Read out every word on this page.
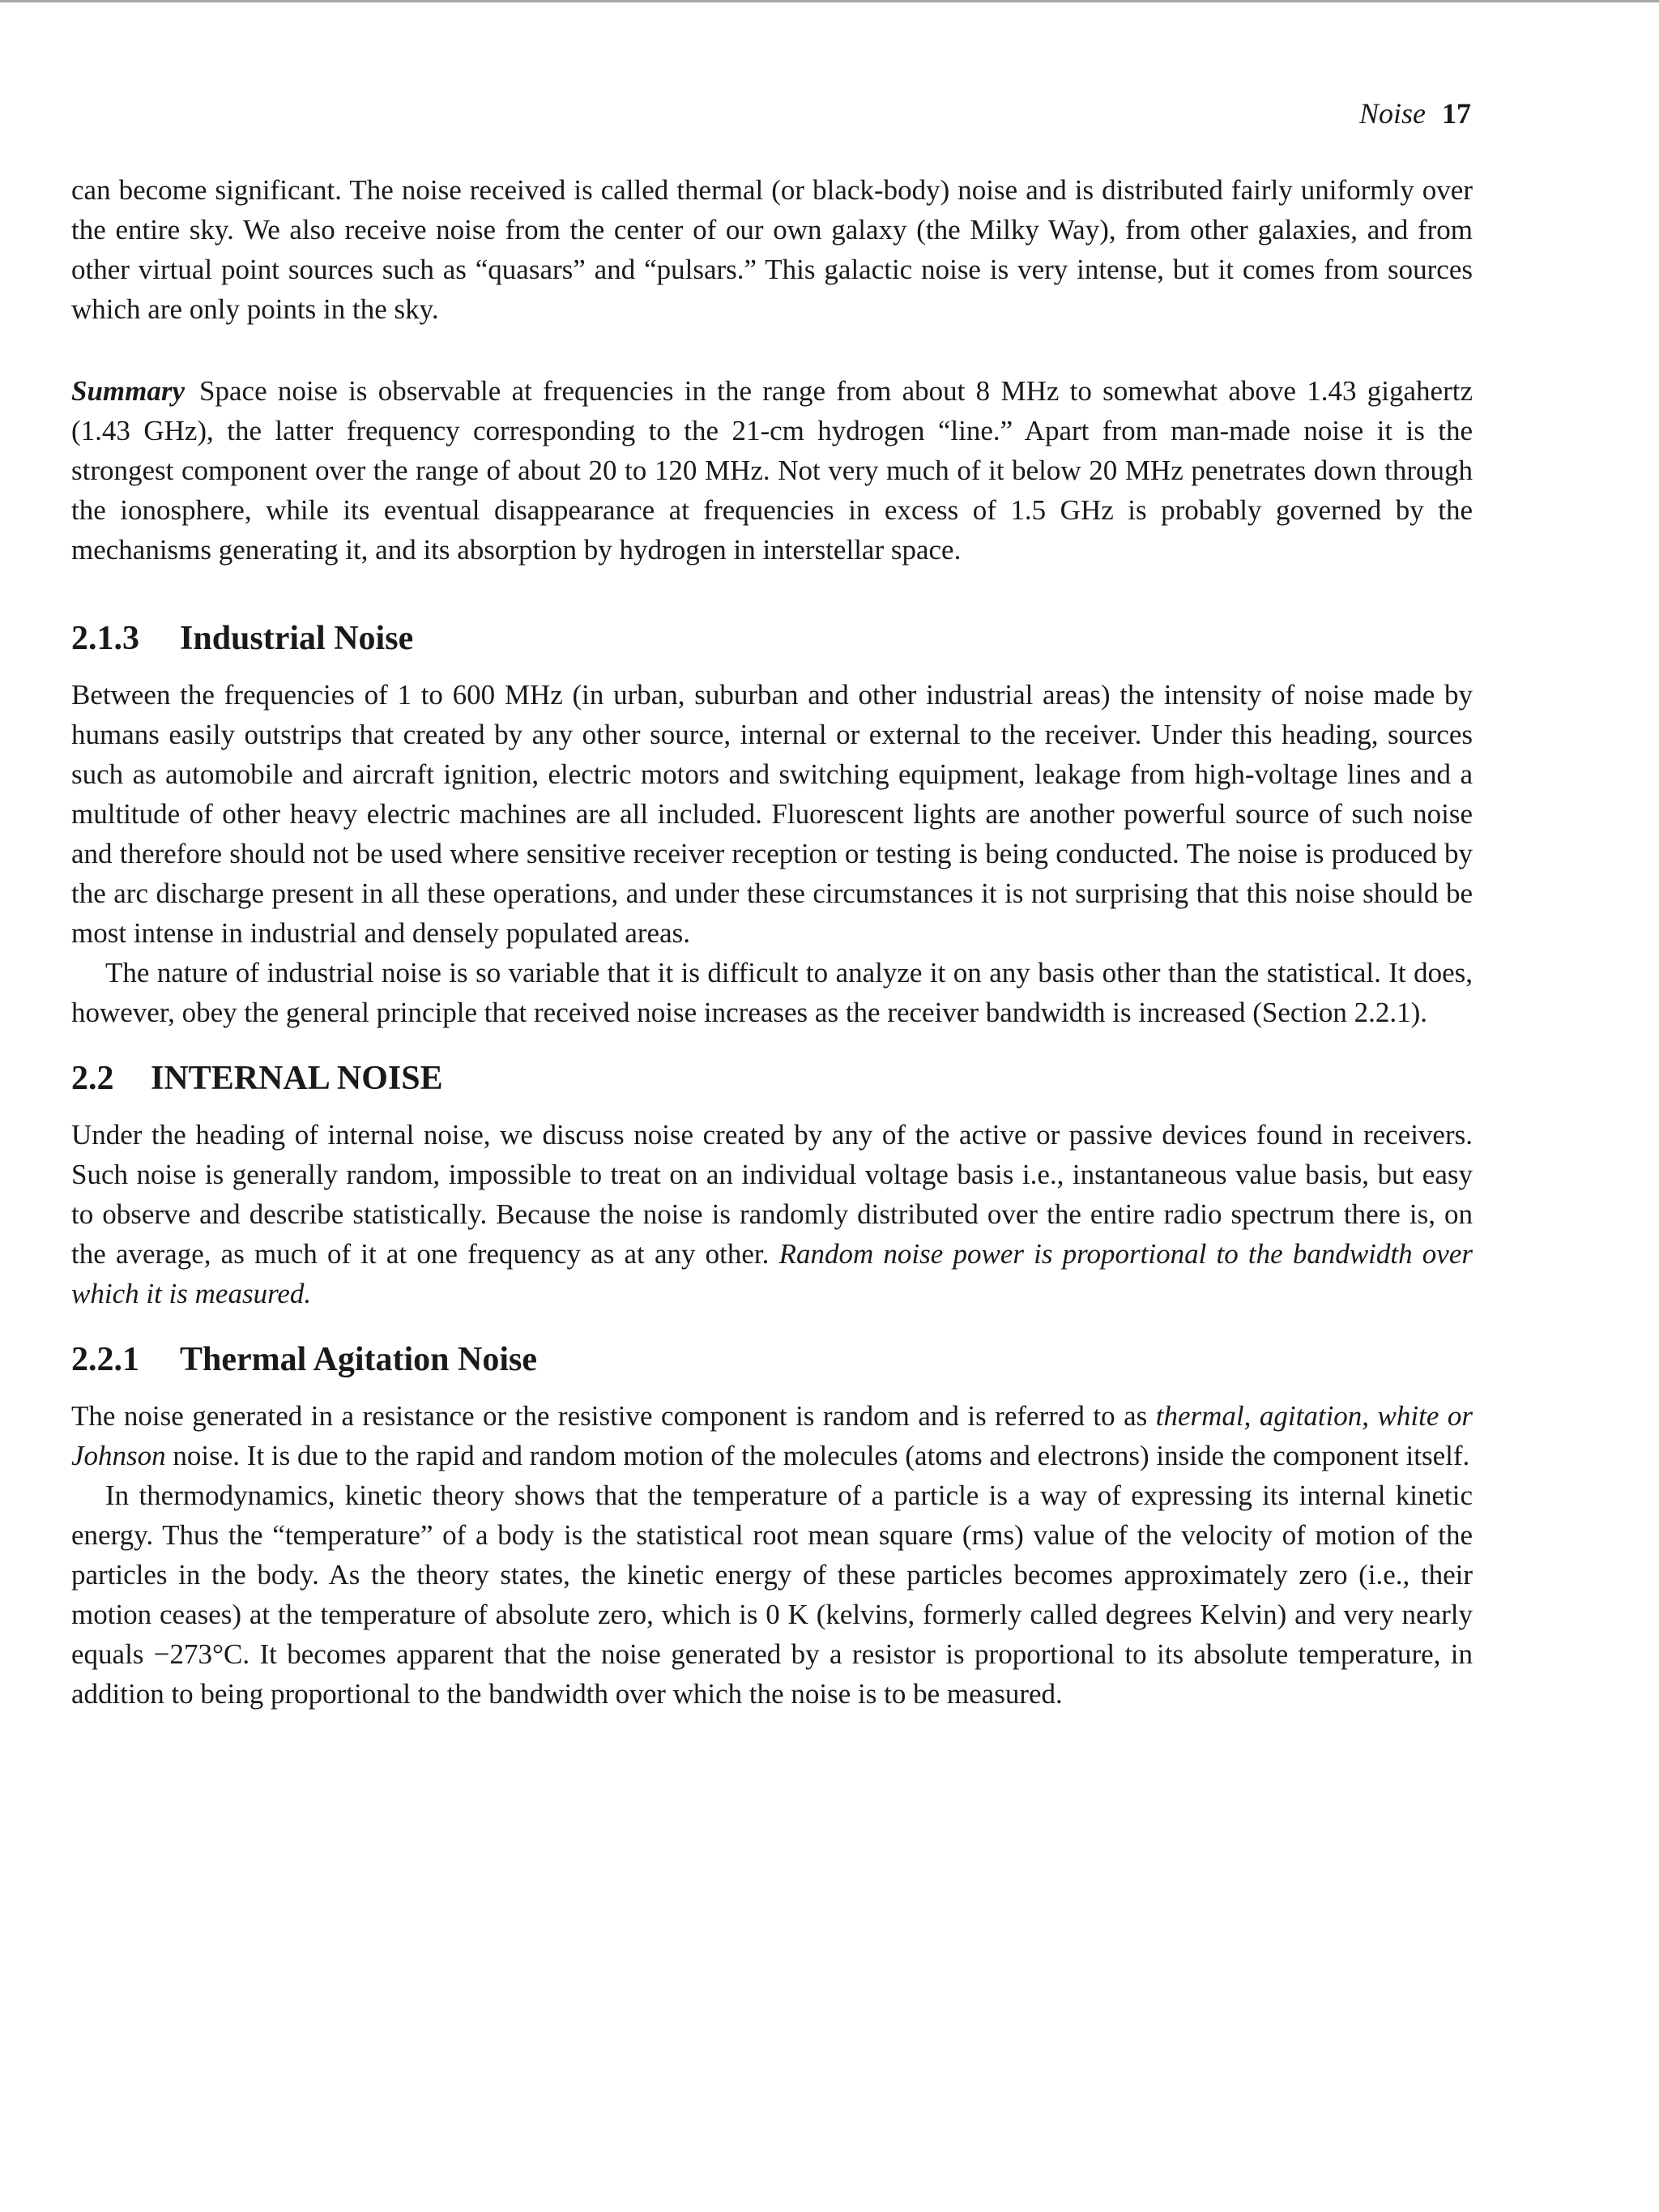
Noise 17

can become significant. The noise received is called thermal (or black-body) noise and is distributed fairly uniformly over the entire sky. We also receive noise from the center of our own galaxy (the Milky Way), from other galaxies, and from other virtual point sources such as “quasars” and “pulsars.” This galactic noise is very intense, but it comes from sources which are only points in the sky.

Summary Space noise is observable at frequencies in the range from about 8 MHz to somewhat above 1.43 gigahertz (1.43 GHz), the latter frequency corresponding to the 21-cm hydrogen “line.” Apart from man-made noise it is the strongest component over the range of about 20 to 120 MHz. Not very much of it below 20 MHz penetrates down through the ionosphere, while its eventual disappearance at frequencies in excess of 1.5 GHz is probably governed by the mechanisms generating it, and its absorption by hydrogen in interstellar space.

2.1.3 Industrial Noise

Between the frequencies of 1 to 600 MHz (in urban, suburban and other industrial areas) the intensity of noise made by humans easily outstrips that created by any other source, internal or external to the receiver. Under this heading, sources such as automobile and aircraft ignition, electric motors and switching equipment, leakage from high-voltage lines and a multitude of other heavy electric machines are all included. Fluorescent lights are another powerful source of such noise and therefore should not be used where sensitive receiver reception or testing is being conducted. The noise is produced by the arc discharge present in all these operations, and under these circumstances it is not surprising that this noise should be most intense in industrial and densely populated areas.

The nature of industrial noise is so variable that it is difficult to analyze it on any basis other than the statistical. It does, however, obey the general principle that received noise increases as the receiver bandwidth is increased (Section 2.2.1).

2.2 INTERNAL NOISE

Under the heading of internal noise, we discuss noise created by any of the active or passive devices found in receivers. Such noise is generally random, impossible to treat on an individual voltage basis i.e., instantaneous value basis, but easy to observe and describe statistically. Because the noise is randomly distributed over the entire radio spectrum there is, on the average, as much of it at one frequency as at any other. Random noise power is proportional to the bandwidth over which it is measured.

2.2.1 Thermal Agitation Noise

The noise generated in a resistance or the resistive component is random and is referred to as thermal, agitation, white or Johnson noise. It is due to the rapid and random motion of the molecules (atoms and electrons) inside the component itself.

In thermodynamics, kinetic theory shows that the temperature of a particle is a way of expressing its internal kinetic energy. Thus the “temperature” of a body is the statistical root mean square (rms) value of the velocity of motion of the particles in the body. As the theory states, the kinetic energy of these particles becomes approximately zero (i.e., their motion ceases) at the temperature of absolute zero, which is 0 K (kelvins, formerly called degrees Kelvin) and very nearly equals −273°C. It becomes apparent that the noise generated by a resistor is proportional to its absolute temperature, in addition to being proportional to the bandwidth over which the noise is to be measured.
